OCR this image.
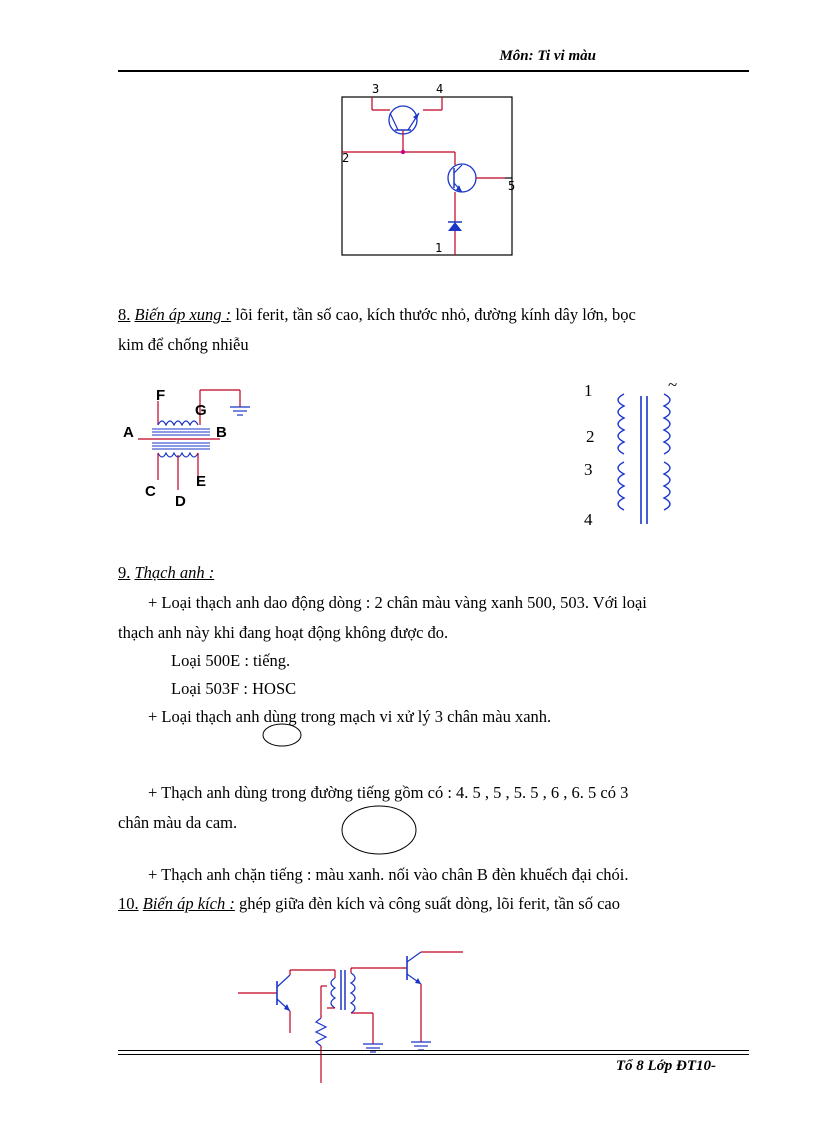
Môn: Ti vi màu
3	4
2
5
1
8. Biến áp xung : lõi ferit, tần số cao, kích thước nhỏ, đường kính dây lớn, bọc
kim để chống nhiễu
F
G
A	B
C
D
E
1
2
3
4
~
9. Thạch anh :
+ Loại thạch anh dao động dòng : 2 chân màu vàng xanh 500, 503. Với loại
thạch anh này khi đang hoạt động không được đo.
Loại 500E : tiếng.
Loại 503F : HOSC
+ Loại thạch anh dùng trong mạch vi xử lý 3 chân màu xanh.
+ Thạch anh dùng trong đường tiếng gồm có : 4. 5 , 5 , 5. 5 , 6 , 6. 5 có 3
chân màu da cam.
+ Thạch anh chặn tiếng : màu xanh. nối vào chân B đèn khuếch đại chói.
10. Biến áp kích : ghép giữa đèn kích và công suất dòng, lõi ferit, tần số cao
Tổ 8 Lớp ĐT10-
